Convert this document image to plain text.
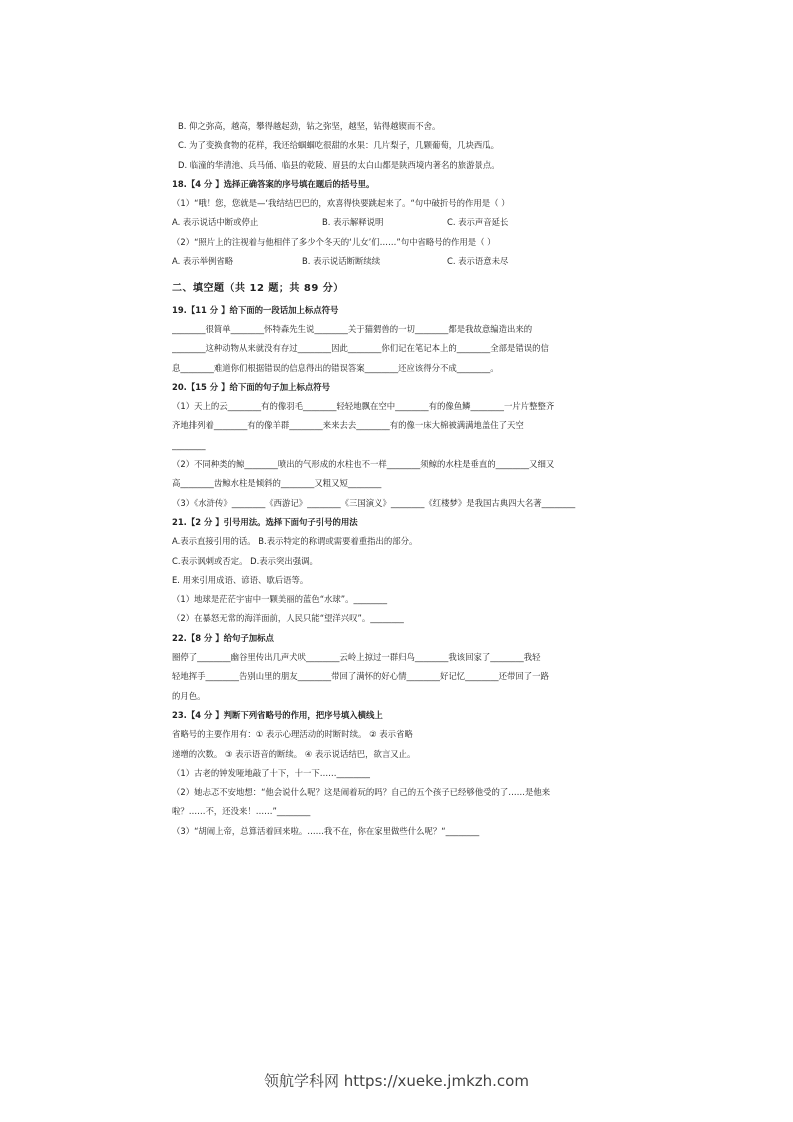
B. 仰之弥高，越高，攀得越起劲，钻之弥坚，越坚，钻得越锲而不舍。
C. 为了变换食物的花样，我还给蝈蝈吃很甜的水果：几片梨子，几颗葡萄，几块西瓜。
D. 临潼的华清池、兵马俑、临县的乾陵、眉县的太白山都是陕西境内著名的旅游景点。
18.【4 分 】选择正确答案的序号填在题后的括号里。
（1）“哦！您，您就是—‘我结结巴巴的，欢喜得快要跳起来了。“句中破折号的作用是（ ）
A. 表示说话中断或停止	B. 表示解释说明	C. 表示声音延长
（2）“照片上的注视着与他相伴了多少个冬天的‘儿女’们……”句中省略号的作用是（ ）
A. 表示举例省略	B. 表示说话断断续续	C. 表示语意未尽
二、填空题（共 12 题；共 89 分）
19.【11 分 】给下面的一段话加上标点符号
________很简单________怀特森先生说________关于猫猬兽的一切________都是我故意编造出来的
________这种动物从来就没有存过________因此________你们记在笔记本上的________全部是错误的信
息________难道你们根据错误的信息得出的错误答案________还应该得分不成________。
20.【15 分 】给下面的句子加上标点符号
（1）天上的云________有的像羽毛________轻轻地飘在空中________有的像鱼鳞________一片片整整齐
齐地排列着________有的像羊群________来来去去________有的像一床大棉被满满地盖住了天空
________
（2）不同种类的鲸________喷出的气形成的水柱也不一样________须鲸的水柱是垂直的________又细又
高________齿鲸水柱是倾斜的________又粗又短________
（3）《水浒传》________《西游记》________《三国演义》________《红楼梦》是我国古典四大名著________
21.【2 分 】引号用法。选择下面句子引号的用法
A.表示直接引用的话。 B.表示特定的称谓或需要着重指出的部分。
C.表示讽刺或否定。 D.表示突出强调。
E. 用来引用成语、谚语、歇后语等。
（1）地球是茫茫宇宙中一颗美丽的蓝色“水球”。________
（2）在暴怒无常的海洋面前，人民只能“望洋兴叹”。________
22.【8 分 】给句子加标点
圈停了________幽谷里传出几声犬吠________云岭上掠过一群归鸟________我该回家了________我轻
轻地挥手________告别山里的朋友________带回了满怀的好心情________好记忆________还带回了一路
的月色。
23.【4 分 】判断下列省略号的作用，把序号填入横线上
省略号的主要作用有：① 表示心理活动的时断时续。 ② 表示省略
递增的次数。 ③ 表示语音的断续。 ④ 表示说话结巴，欲言又止。
（1）古老的钟发哑地敲了十下，十一下……________
（2）她忐忑不安地想：“他会说什么呢？这是闹着玩的吗？自己的五个孩子已经够他受的了……是他来
啦？……不，还没来！……”________
（3）“胡闹上帝，总算活着回来啦。……我不在，你在家里做些什么呢？“________
领航学科网 https://xueke.jmkzh.com
